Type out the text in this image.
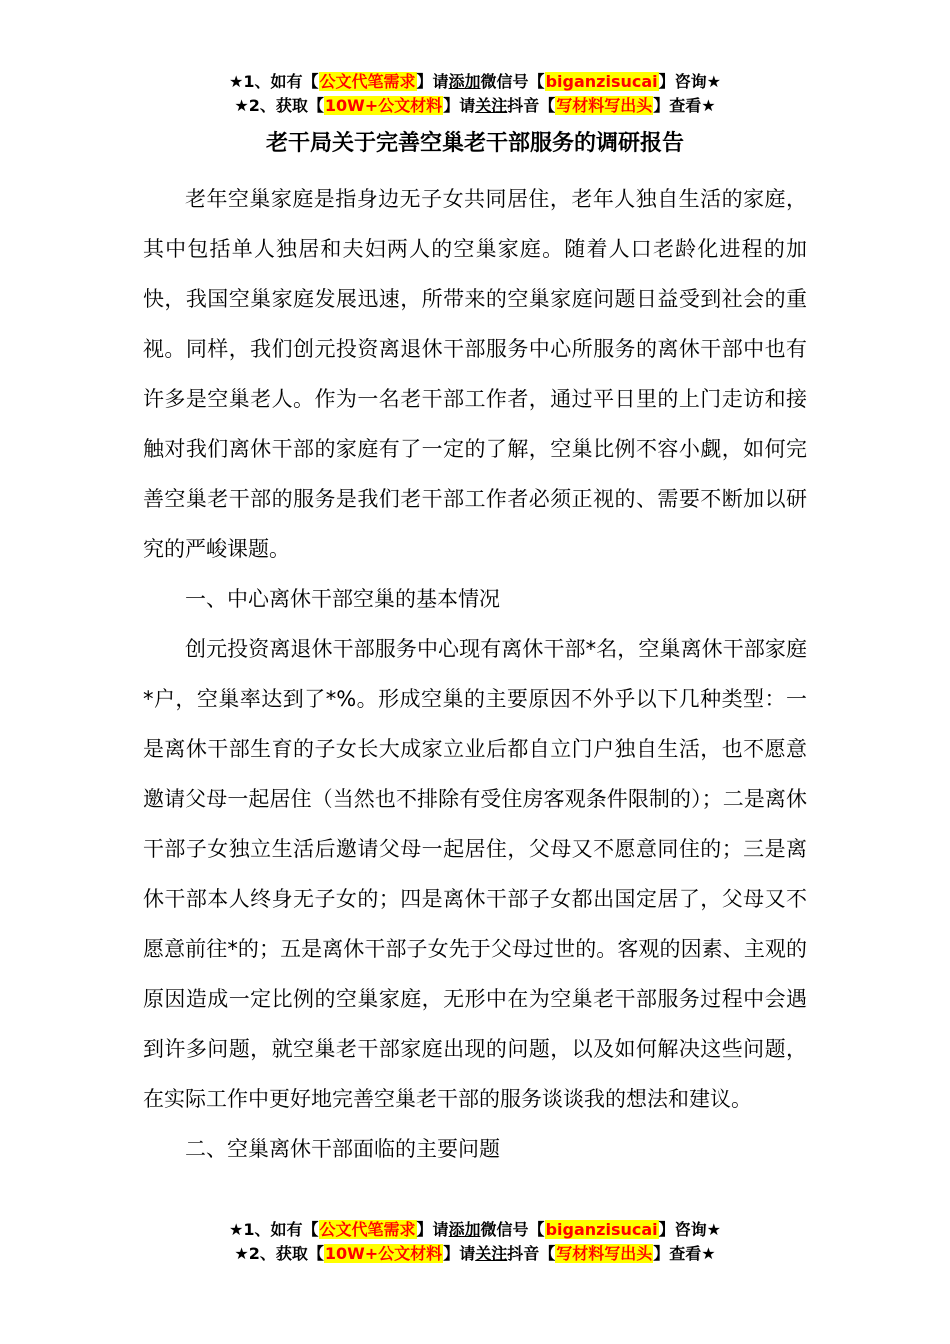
★1、如有【公文代笔需求】请添加微信号【biganzisucai】咨询★
★2、获取【10W+公文材料】请关注抖音【写材料写出头】查看★
老干局关于完善空巢老干部服务的调研报告

老年空巢家庭是指身边无子女共同居住，老年人独自生活的家庭，其中包括单人独居和夫妇两人的空巢家庭。随着人口老龄化进程的加快，我国空巢家庭发展迅速，所带来的空巢家庭问题日益受到社会的重视。同样，我们创元投资离退休干部服务中心所服务的离休干部中也有许多是空巢老人。作为一名老干部工作者，通过平日里的上门走访和接触对我们离休干部的家庭有了一定的了解，空巢比例不容小觑，如何完善空巢老干部的服务是我们老干部工作者必须正视的、需要不断加以研究的严峻课题。

一、中心离休干部空巢的基本情况

创元投资离退休干部服务中心现有离休干部*名，空巢离休干部家庭*户，空巢率达到了*%。形成空巢的主要原因不外乎以下几种类型：一是离休干部生育的子女长大成家立业后都自立门户独自生活，也不愿意邀请父母一起居住（当然也不排除有受住房客观条件限制的）；二是离休干部子女独立生活后邀请父母一起居住，父母又不愿意同住的；三是离休干部本人终身无子女的；四是离休干部子女都出国定居了，父母又不愿意前往*的；五是离休干部子女先于父母过世的。客观的因素、主观的原因造成一定比例的空巢家庭，无形中在为空巢老干部服务过程中会遇到许多问题，就空巢老干部家庭出现的问题，以及如何解决这些问题，在实际工作中更好地完善空巢老干部的服务谈谈我的想法和建议。

二、空巢离休干部面临的主要问题

★1、如有【公文代笔需求】请添加微信号【biganzisucai】咨询★
★2、获取【10W+公文材料】请关注抖音【写材料写出头】查看★
